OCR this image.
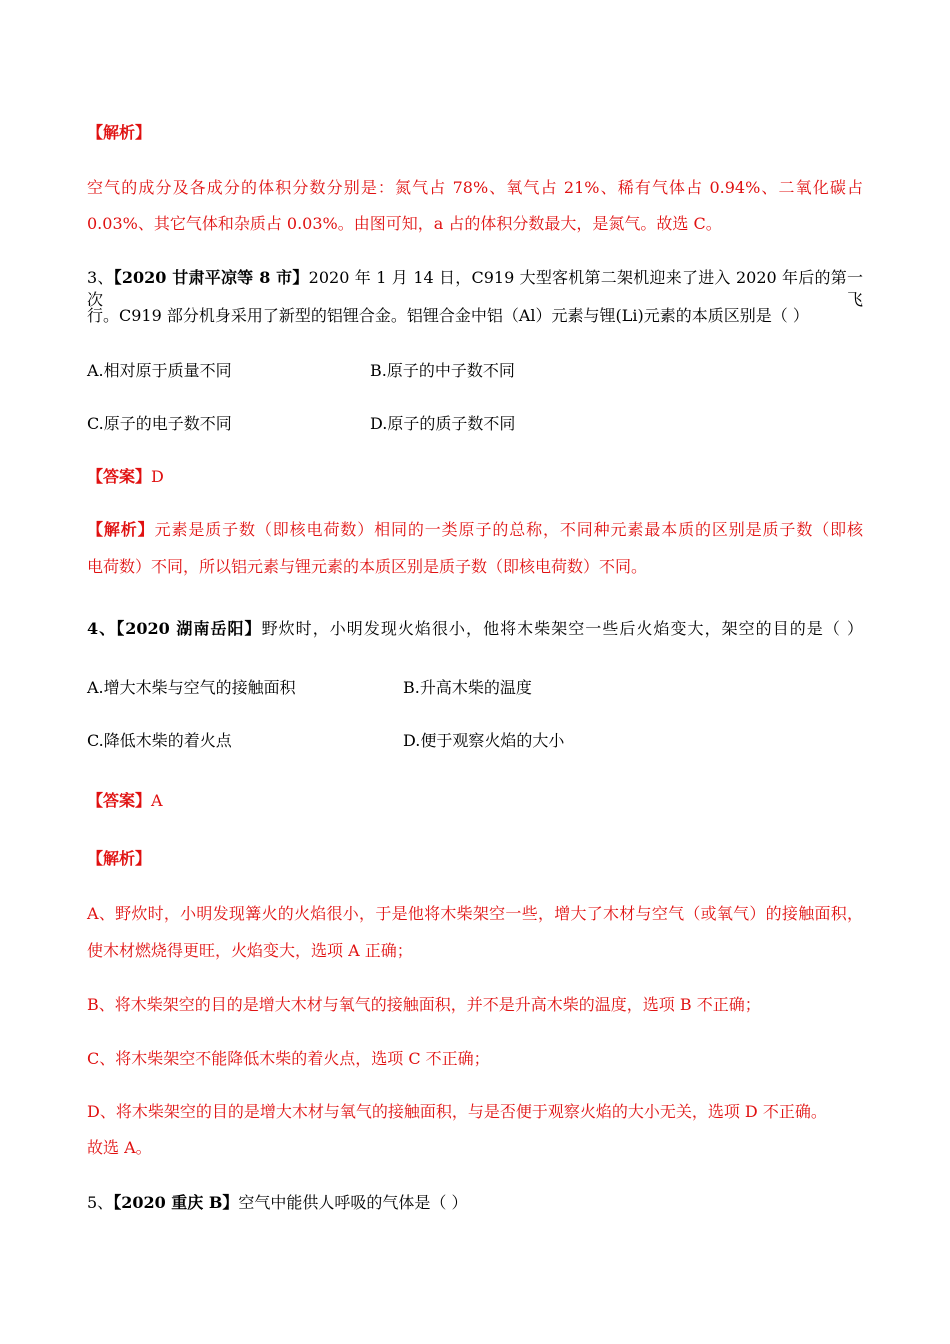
【解析】
空气的成分及各成分的体积分数分别是：氮气占 78%、氧气占 21%、稀有气体占 0.94%、二氧化碳占
0.03%、其它气体和杂质占 0.03%。由图可知，a 占的体积分数最大，是氮气。故选 C。
3、【2020 甘肃平凉等 8 市】2020 年 1 月 14 日，C919 大型客机第二架机迎来了进入 2020 年后的第一次飞
行。C919 部分机身采用了新型的铝锂合金。铝锂合金中铝（Al）元素与锂(Li)元素的本质区别是（ ）
A.相对原于质量不同	B.原子的中子数不同
C.原子的电子数不同	D.原子的质子数不同
【答案】D
【解析】元素是质子数（即核电荷数）相同的一类原子的总称，不同种元素最本质的区别是质子数（即核
电荷数）不同，所以铝元素与锂元素的本质区别是质子数（即核电荷数）不同。
4、【2020 湖南岳阳】野炊时，小明发现火焰很小，他将木柴架空一些后火焰变大，架空的目的是（ ）
A.增大木柴与空气的接触面积	B.升高木柴的温度
C.降低木柴的着火点	D.便于观察火焰的大小
【答案】A
【解析】
A、野炊时，小明发现篝火的火焰很小，于是他将木柴架空一些，增大了木材与空气（或氧气）的接触面积，
使木材燃烧得更旺，火焰变大，选项 A 正确；
B、将木柴架空的目的是增大木材与氧气的接触面积，并不是升高木柴的温度，选项 B 不正确；
C、将木柴架空不能降低木柴的着火点，选项 C 不正确；
D、将木柴架空的目的是增大木材与氧气的接触面积，与是否便于观察火焰的大小无关，选项 D 不正确。
故选 A。
5、【2020 重庆 B】空气中能供人呼吸的气体是（ ）
